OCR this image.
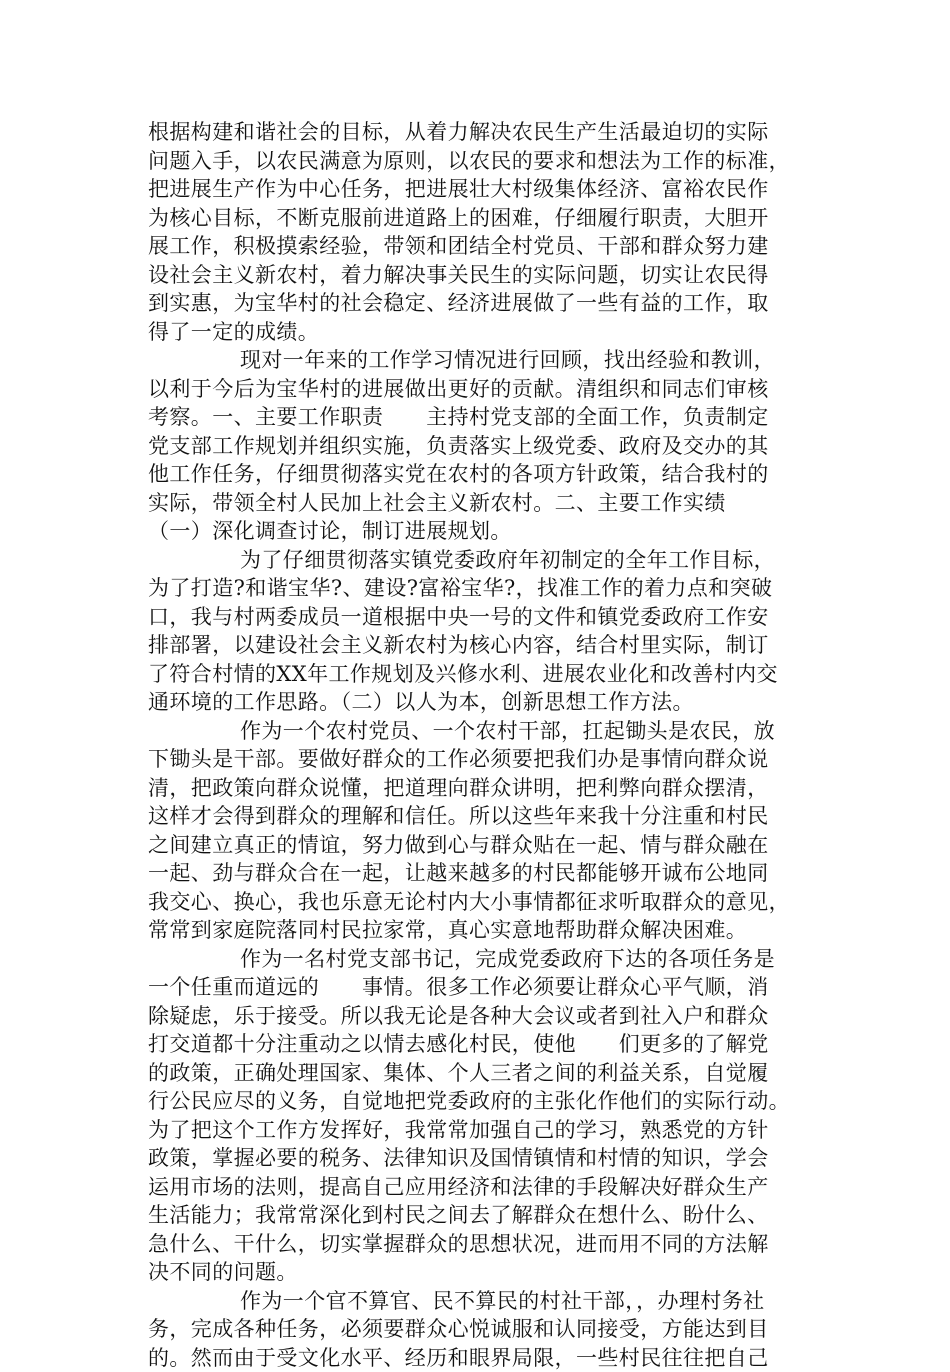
根据构建和谐社会的目标，从着力解决农民生产生活最迫切的实际
问题入手，以农民满意为原则，以农民的要求和想法为工作的标准，
把进展生产作为中心任务，把进展壮大村级集体经济、富裕农民作
为核心目标，不断克服前进道路上的困难，仔细履行职责，大胆开
展工作，积极摸索经验，带领和团结全村党员、干部和群众努力建
设社会主义新农村，着力解决事关民生的实际问题，切实让农民得
到实惠，为宝华村的社会稳定、经济进展做了一些有益的工作，取
得了一定的成绩。
现对一年来的工作学习情况进行回顾，找出经验和教训，
以利于今后为宝华村的进展做出更好的贡献。清组织和同志们审核
考察。一、主要工作职责　　主持村党支部的全面工作，负责制定
党支部工作规划并组织实施，负责落实上级党委、政府及交办的其
他工作任务，仔细贯彻落实党在农村的各项方针政策，结合我村的
实际，带领全村人民加上社会主义新农村。二、主要工作实绩
（一）深化调查讨论，制订进展规划。
为了仔细贯彻落实镇党委政府年初制定的全年工作目标，
为了打造?和谐宝华?、建设?富裕宝华?，找准工作的着力点和突破
口，我与村两委成员一道根据中央一号的文件和镇党委政府工作安
排部署，以建设社会主义新农村为核心内容，结合村里实际，制订
了符合村情的XX年工作规划及兴修水利、进展农业化和改善村内交
通环境的工作思路。（二）以人为本，创新思想工作方法。
作为一个农村党员、一个农村干部，扛起锄头是农民，放
下锄头是干部。要做好群众的工作必须要把我们办是事情向群众说
清，把政策向群众说懂，把道理向群众讲明，把利弊向群众摆清，
这样才会得到群众的理解和信任。所以这些年来我十分注重和村民
之间建立真正的情谊，努力做到心与群众贴在一起、情与群众融在
一起、劲与群众合在一起，让越来越多的村民都能够开诚布公地同
我交心、换心，我也乐意无论村内大小事情都征求听取群众的意见，
常常到家庭院落同村民拉家常，真心实意地帮助群众解决困难。
作为一名村党支部书记，完成党委政府下达的各项任务是
一个任重而道远的　　事情。很多工作必须要让群众心平气顺，消
除疑虑，乐于接受。所以我无论是各种大会议或者到社入户和群众
打交道都十分注重动之以情去感化村民，使他　　们更多的了解党
的政策，正确处理国家、集体、个人三者之间的利益关系，自觉履
行公民应尽的义务，自觉地把党委政府的主张化作他们的实际行动。
为了把这个工作方发挥好，我常常加强自己的学习，熟悉党的方针
政策，掌握必要的税务、法律知识及国情镇情和村情的知识，学会
运用市场的法则，提高自己应用经济和法律的手段解决好群众生产
生活能力；我常常深化到村民之间去了解群众在想什么、盼什么、
急什么、干什么，切实掌握群众的思想状况，进而用不同的方法解
决不同的问题。
作为一个官不算官、民不算民的村社干部，，办理村务社
务，完成各种任务，必须要群众心悦诚服和认同接受，方能达到目
的。然而由于受文化水平、经历和眼界局限，一些村民往往把自己
